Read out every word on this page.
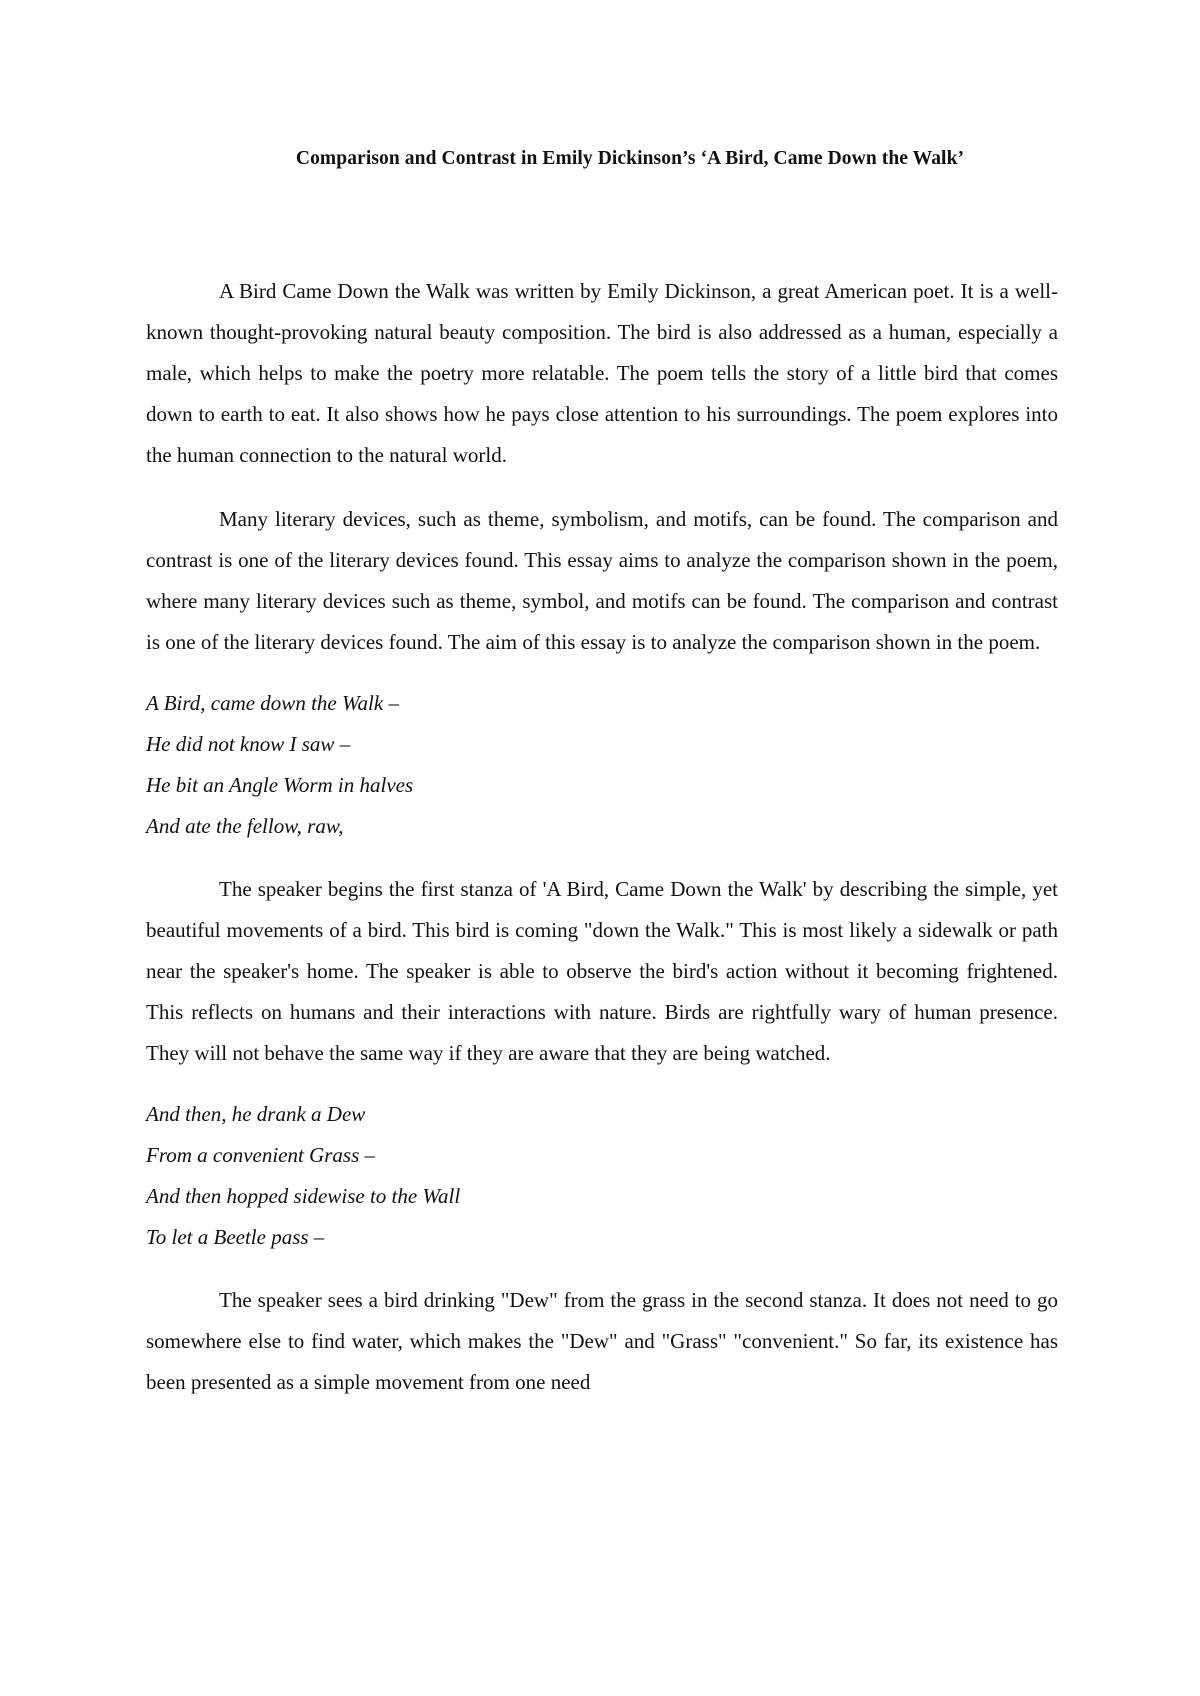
Comparison and Contrast in Emily Dickinson’s ‘A Bird, Came Down the Walk’

A Bird Came Down the Walk was written by Emily Dickinson, a great American poet. It is a well-known thought-provoking natural beauty composition. The bird is also addressed as a human, especially a male, which helps to make the poetry more relatable. The poem tells the story of a little bird that comes down to earth to eat. It also shows how he pays close attention to his surroundings. The poem explores into the human connection to the natural world.

Many literary devices, such as theme, symbolism, and motifs, can be found. The comparison and contrast is one of the literary devices found. This essay aims to analyze the comparison shown in the poem, where many literary devices such as theme, symbol, and motifs can be found. The comparison and contrast is one of the literary devices found. The aim of this essay is to analyze the comparison shown in the poem.

A Bird, came down the Walk –
He did not know I saw –
He bit an Angle Worm in halves
And ate the fellow, raw,

The speaker begins the first stanza of 'A Bird, Came Down the Walk' by describing the simple, yet beautiful movements of a bird. This bird is coming "down the Walk." This is most likely a sidewalk or path near the speaker's home. The speaker is able to observe the bird's action without it becoming frightened. This reflects on humans and their interactions with nature. Birds are rightfully wary of human presence. They will not behave the same way if they are aware that they are being watched.

And then, he drank a Dew
From a convenient Grass –
And then hopped sidewise to the Wall
To let a Beetle pass –

The speaker sees a bird drinking "Dew" from the grass in the second stanza. It does not need to go somewhere else to find water, which makes the "Dew" and "Grass" "convenient." So far, its existence has been presented as a simple movement from one need
